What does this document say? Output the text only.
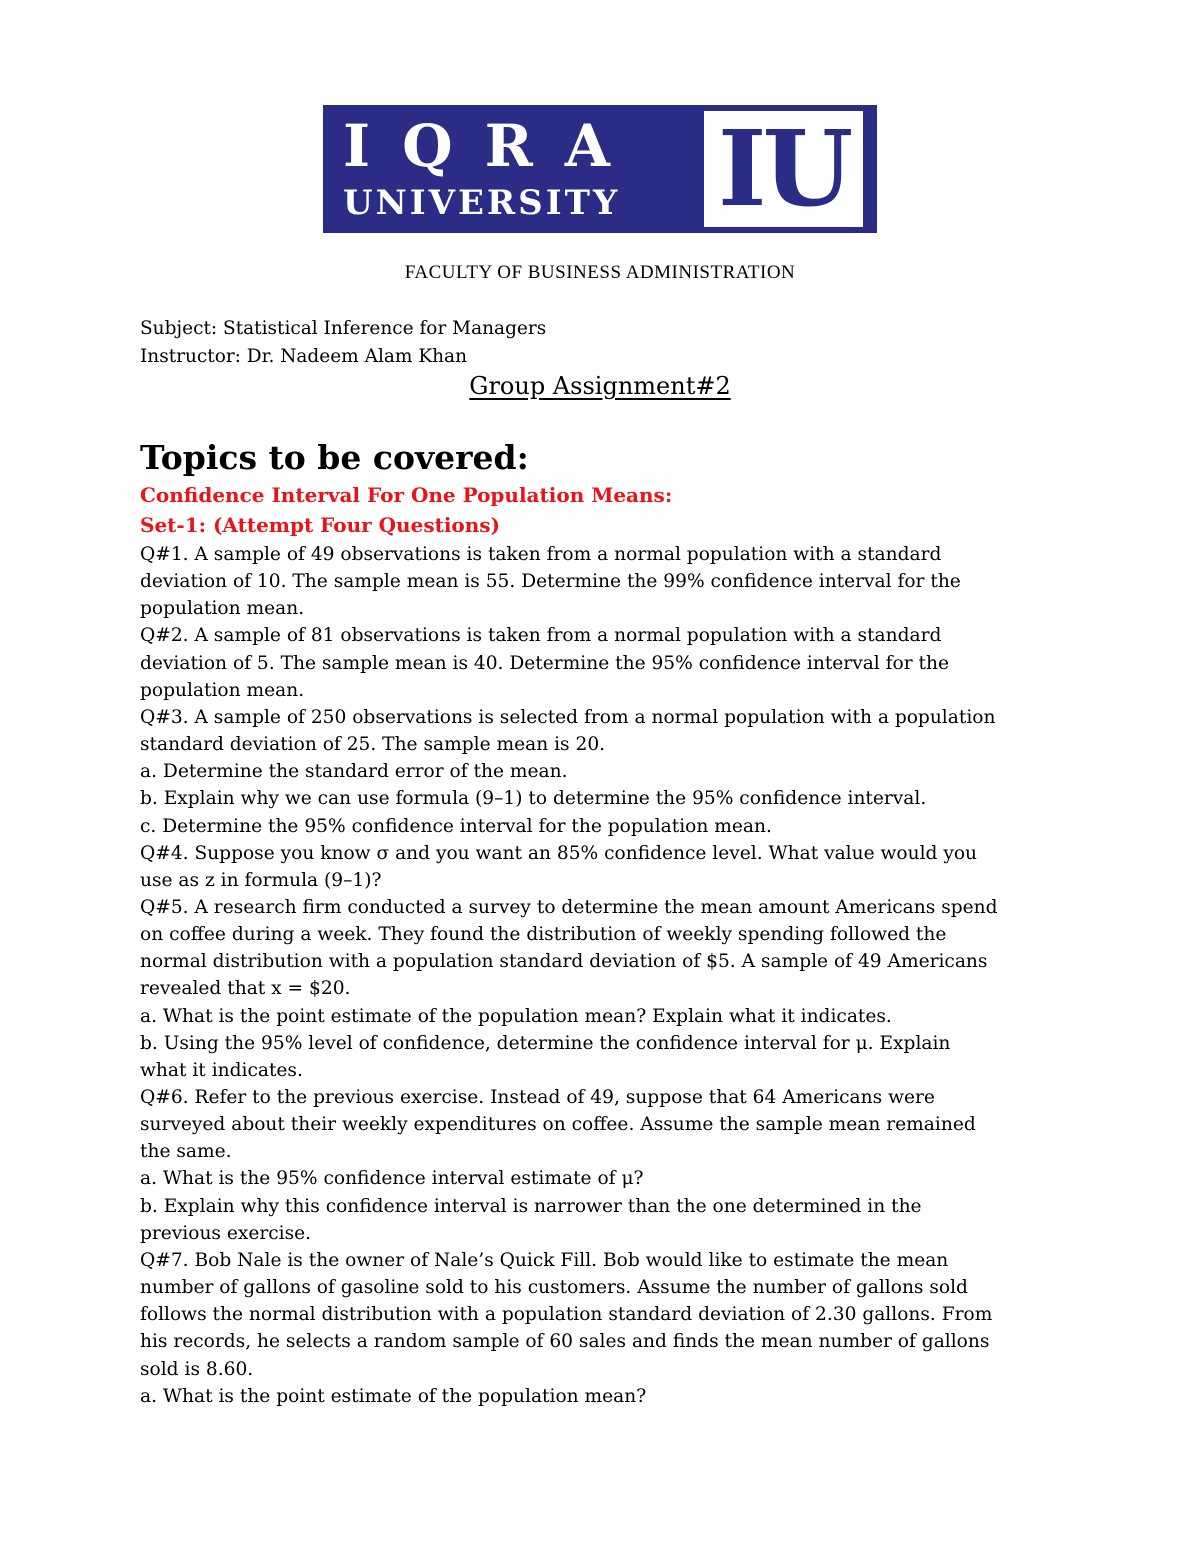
IQRA
UNIVERSITY IU
FACULTY OF BUSINESS ADMINISTRATION
Subject: Statistical Inference for Managers
Instructor: Dr. Nadeem Alam Khan
Group Assignment#2
Topics to be covered:
Confidence Interval For One Population Means:
Set-1: (Attempt Four Questions)
Q#1. A sample of 49 observations is taken from a normal population with a standard
deviation of 10. The sample mean is 55. Determine the 99% confidence interval for the
population mean.
Q#2. A sample of 81 observations is taken from a normal population with a standard
deviation of 5. The sample mean is 40. Determine the 95% confidence interval for the
population mean.
Q#3. A sample of 250 observations is selected from a normal population with a population
standard deviation of 25. The sample mean is 20.
a. Determine the standard error of the mean.
b. Explain why we can use formula (9–1) to determine the 95% confidence interval.
c. Determine the 95% confidence interval for the population mean.
Q#4. Suppose you know σ and you want an 85% confidence level. What value would you
use as z in formula (9–1)?
Q#5. A research firm conducted a survey to determine the mean amount Americans spend
on coffee during a week. They found the distribution of weekly spending followed the
normal distribution with a population standard deviation of $5. A sample of 49 Americans
revealed that x = $20.
a. What is the point estimate of the population mean? Explain what it indicates.
b. Using the 95% level of confidence, determine the confidence interval for μ. Explain
what it indicates.
Q#6. Refer to the previous exercise. Instead of 49, suppose that 64 Americans were
surveyed about their weekly expenditures on coffee. Assume the sample mean remained
the same.
a. What is the 95% confidence interval estimate of μ?
b. Explain why this confidence interval is narrower than the one determined in the
previous exercise.
Q#7. Bob Nale is the owner of Nale’s Quick Fill. Bob would like to estimate the mean
number of gallons of gasoline sold to his customers. Assume the number of gallons sold
follows the normal distribution with a population standard deviation of 2.30 gallons. From
his records, he selects a random sample of 60 sales and finds the mean number of gallons
sold is 8.60.
a. What is the point estimate of the population mean?
